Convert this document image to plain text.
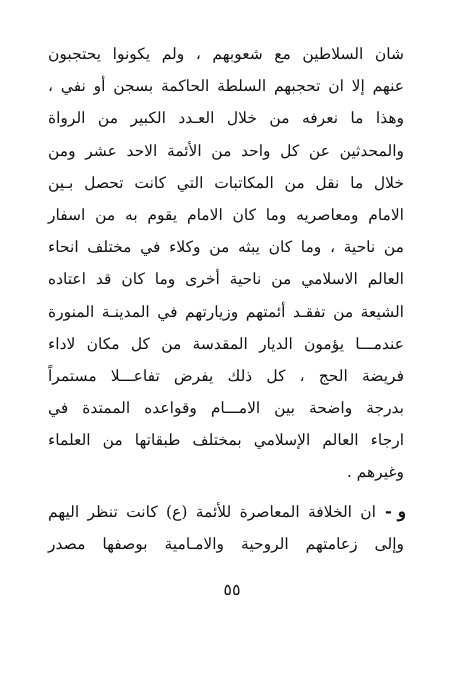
شان السلاطين مع شعوبهم ، ولم يكونوا يحتجبون
عنهم إلا ان تحجبهم السلطة الحاكمة بسجن أو نفي ،
وهذا ما نعرفه من خلال العـدد الكبير من الرواة
والمحدثين عن كل واحد من الأئمة الاحد عشر ومن
خلال ما نقل من المكاتبات التي كانت تحصل بـين
الامام ومعاصريه وما كان الامام يقوم به من اسفار
من ناحية ، وما كان يبثه من وكلاء في مختلف انحاء
العالم الاسلامي من ناحية أخرى وما كان قد اعتاده
الشيعة من تفقـد أئمتهم وزيارتهم في المدينـة المنورة
عندمـــا يؤمون الديار المقدسة من كل مكان لاداء
فريضة الحج ، كل ذلك يفرض تفاعـــلا مستمراً
بدرجة واضحة بين الامـــام وقواعده الممتدة في
ارجاء العالم الإسلامي بمختلف طبقاتها من العلماء
وغيرهم .
و -
ان الخلافة المعاصرة للأئمة (ع) كانت تنظر اليهم
وإلى زعامتهم الروحية والامـامية بوصفها مصدر
٥٥
